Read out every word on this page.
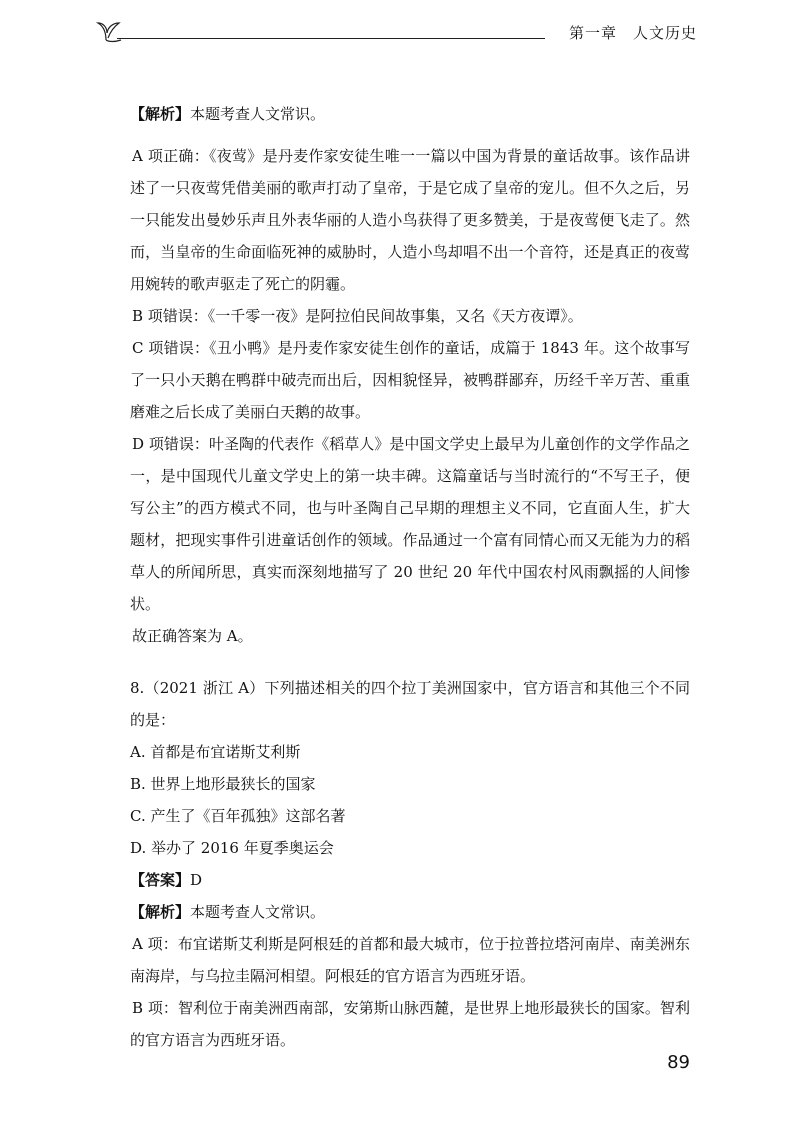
第一章　人文历史

【解析】本题考查人文常识。

A 项正确：《夜莺》是丹麦作家安徒生唯一一篇以中国为背景的童话故事。该作品讲述了一只夜莺凭借美丽的歌声打动了皇帝，于是它成了皇帝的宠儿。但不久之后，另一只能发出曼妙乐声且外表华丽的人造小鸟获得了更多赞美，于是夜莺便飞走了。然而，当皇帝的生命面临死神的威胁时，人造小鸟却唱不出一个音符，还是真正的夜莺用婉转的歌声驱走了死亡的阴霾。

B 项错误：《一千零一夜》是阿拉伯民间故事集，又名《天方夜谭》。

C 项错误：《丑小鸭》是丹麦作家安徒生创作的童话，成篇于 1843 年。这个故事写了一只小天鹅在鸭群中破壳而出后，因相貌怪异，被鸭群鄙弃，历经千辛万苦、重重磨难之后长成了美丽白天鹅的故事。

D 项错误：叶圣陶的代表作《稻草人》是中国文学史上最早为儿童创作的文学作品之一，是中国现代儿童文学史上的第一块丰碑。这篇童话与当时流行的“不写王子，便写公主”的西方模式不同，也与叶圣陶自己早期的理想主义不同，它直面人生，扩大题材，把现实事件引进童话创作的领域。作品通过一个富有同情心而又无能为力的稻草人的所闻所思，真实而深刻地描写了 20 世纪 20 年代中国农村风雨飘摇的人间惨状。

故正确答案为 A。

8.（2021 浙江 A）下列描述相关的四个拉丁美洲国家中，官方语言和其他三个不同的是：

A. 首都是布宜诺斯艾利斯

B. 世界上地形最狭长的国家

C. 产生了《百年孤独》这部名著

D. 举办了 2016 年夏季奥运会

【答案】D

【解析】本题考查人文常识。

A 项：布宜诺斯艾利斯是阿根廷的首都和最大城市，位于拉普拉塔河南岸、南美洲东南海岸，与乌拉圭隔河相望。阿根廷的官方语言为西班牙语。

B 项：智利位于南美洲西南部，安第斯山脉西麓，是世界上地形最狭长的国家。智利的官方语言为西班牙语。

89
